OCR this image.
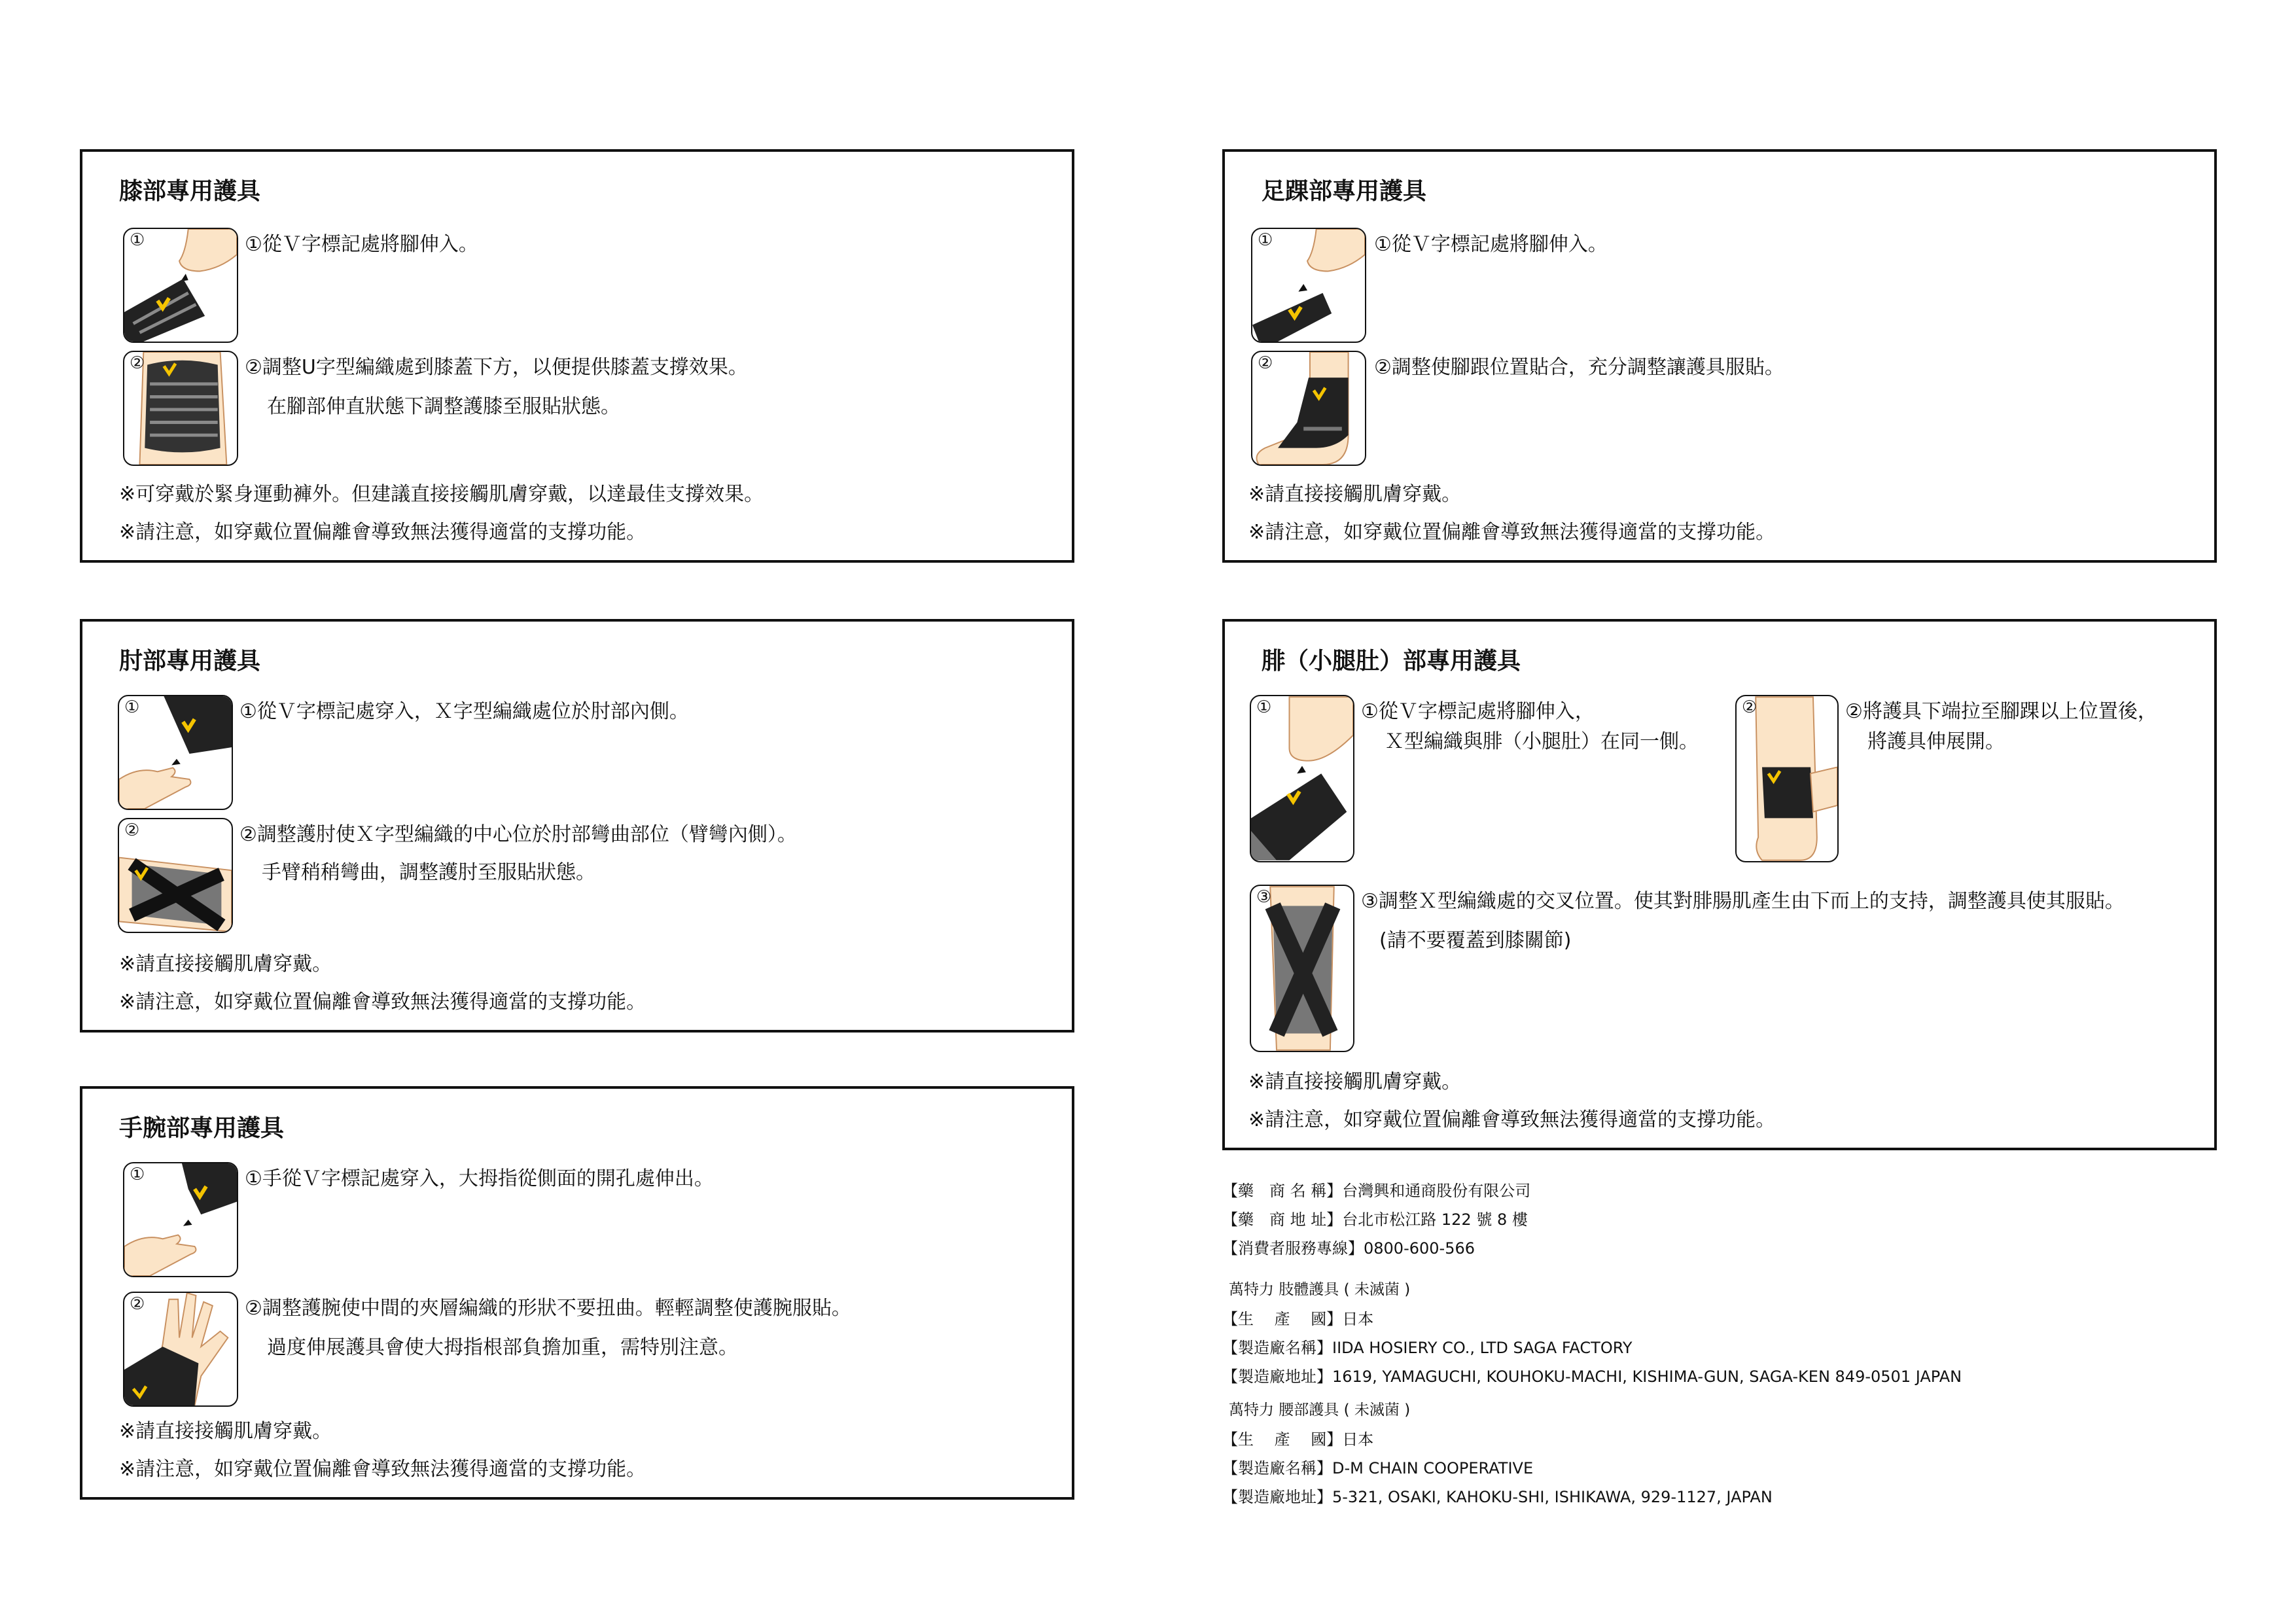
膝部專用護具
①	①從Ｖ字標記處將腳伸入。
②	②調整U字型編織處到膝蓋下方，以便提供膝蓋支撐效果。
在腳部伸直狀態下調整護膝至服貼狀態。
※可穿戴於緊身運動褲外。但建議直接接觸肌膚穿戴，以達最佳支撐效果。
※請注意，如穿戴位置偏離會導致無法獲得適當的支撐功能。
肘部專用護具
①	①從Ｖ字標記處穿入，Ｘ字型編織處位於肘部內側。
②	②調整護肘使Ｘ字型編織的中心位於肘部彎曲部位（臂彎內側）。
手臂稍稍彎曲，調整護肘至服貼狀態。
※請直接接觸肌膚穿戴。
※請注意，如穿戴位置偏離會導致無法獲得適當的支撐功能。
手腕部專用護具
①	①手從Ｖ字標記處穿入，大拇指從側面的開孔處伸出。
②	②調整護腕使中間的夾層編織的形狀不要扭曲。輕輕調整使護腕服貼。
過度伸展護具會使大拇指根部負擔加重，需特別注意。
※請直接接觸肌膚穿戴。
※請注意，如穿戴位置偏離會導致無法獲得適當的支撐功能。
足踝部專用護具
①	①從Ｖ字標記處將腳伸入。
②	②調整使腳跟位置貼合，充分調整讓護具服貼。
※請直接接觸肌膚穿戴。
※請注意，如穿戴位置偏離會導致無法獲得適當的支撐功能。
腓（小腿肚）部專用護具
①	①從Ｖ字標記處將腳伸入，
Ｘ型編織與腓（小腿肚）在同一側。
②	②將護具下端拉至腳踝以上位置後，
將護具伸展開。
③	③調整Ｘ型編織處的交叉位置。使其對腓腸肌產生由下而上的支持，調整護具使其服貼。
(請不要覆蓋到膝關節)
※請直接接觸肌膚穿戴。
※請注意，如穿戴位置偏離會導致無法獲得適當的支撐功能。
【藥　商 名 稱】台灣興和通商股份有限公司
【藥　商 地 址】台北市松江路 122 號 8 樓
【消費者服務專線】0800-600-566
萬特力 肢體護具 ( 未滅菌 )
【生　 產　 國】日本
【製造廠名稱】IIDA HOSIERY CO., LTD SAGA FACTORY
【製造廠地址】1619, YAMAGUCHI, KOUHOKU-MACHI, KISHIMA-GUN, SAGA-KEN 849-0501 JAPAN
萬特力 腰部護具 ( 未滅菌 )
【生　 產　 國】日本
【製造廠名稱】D-M CHAIN COOPERATIVE
【製造廠地址】5-321, OSAKI, KAHOKU-SHI, ISHIKAWA, 929-1127, JAPAN
